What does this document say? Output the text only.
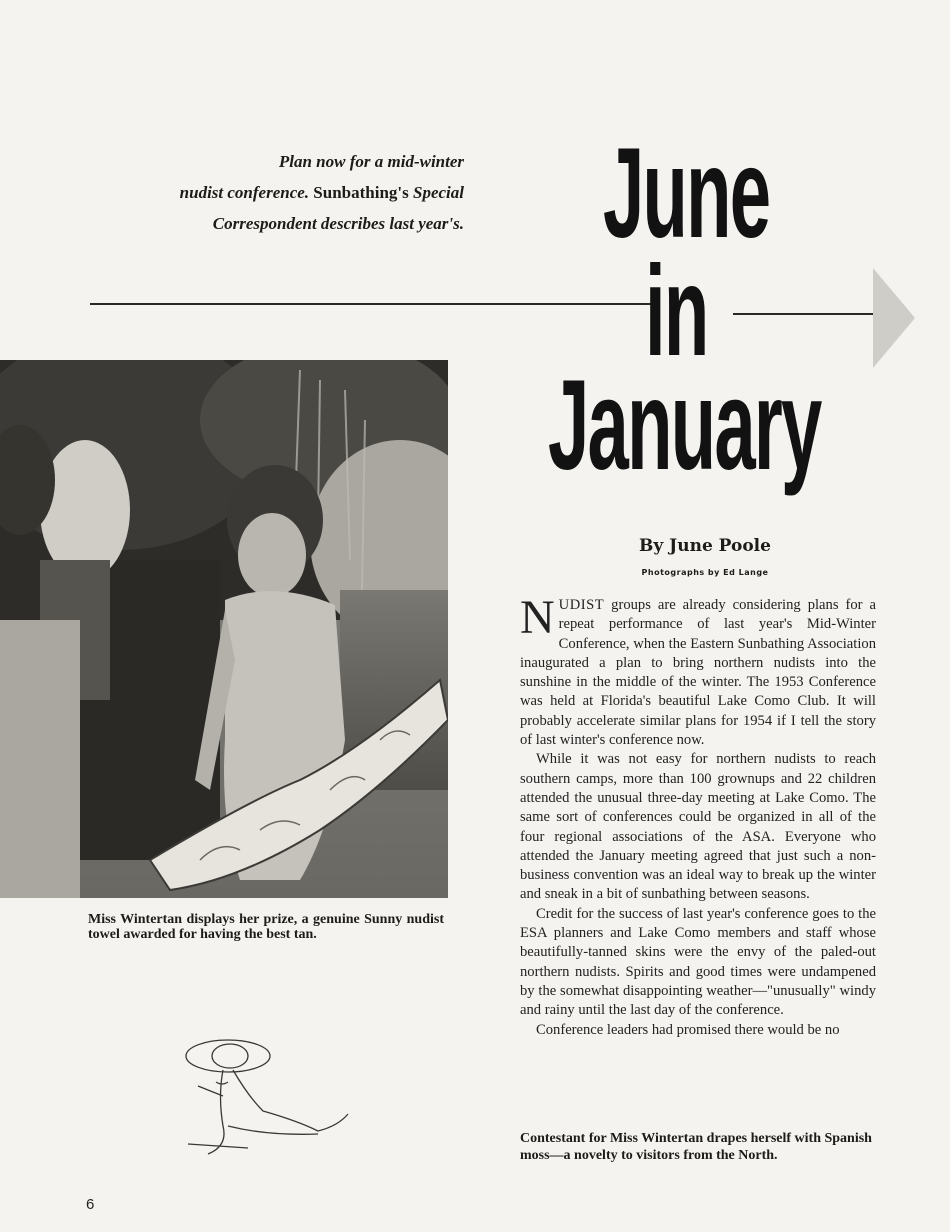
Plan now for a mid-winter
nudist conference. Sunbathing's Special
Correspondent describes last year's. June
in
January
Miss Wintertan displays her prize, a genuine Sunny nudist towel awarded for having the best tan.
By June Poole
Photographs by Ed Lange

NUDIST groups are already considering plans for a repeat performance of last year's Mid-Winter Conference, when the Eastern Sunbathing Association inaugurated a plan to bring northern nudists into the sunshine in the middle of the winter. The 1953 Conference was held at Florida's beautiful Lake Como Club. It will probably accelerate similar plans for 1954 if I tell the story of last winter's conference now.

While it was not easy for northern nudists to reach southern camps, more than 100 grownups and 22 children attended the unusual three-day meeting at Lake Como. The same sort of conferences could be organized in all of the four regional associations of the ASA. Everyone who attended the January meeting agreed that just such a non-business convention was an ideal way to break up the winter and sneak in a bit of sunbathing between seasons.

Credit for the success of last year's conference goes to the ESA planners and Lake Como members and staff whose beautifully-tanned skins were the envy of the paled-out northern nudists. Spirits and good times were undampened by the somewhat disappointing weather—"unusually" windy and rainy until the last day of the conference.

Conference leaders had promised there would be no

Contestant for Miss Wintertan drapes herself with Spanish moss—a novelty to visitors from the North.
6
